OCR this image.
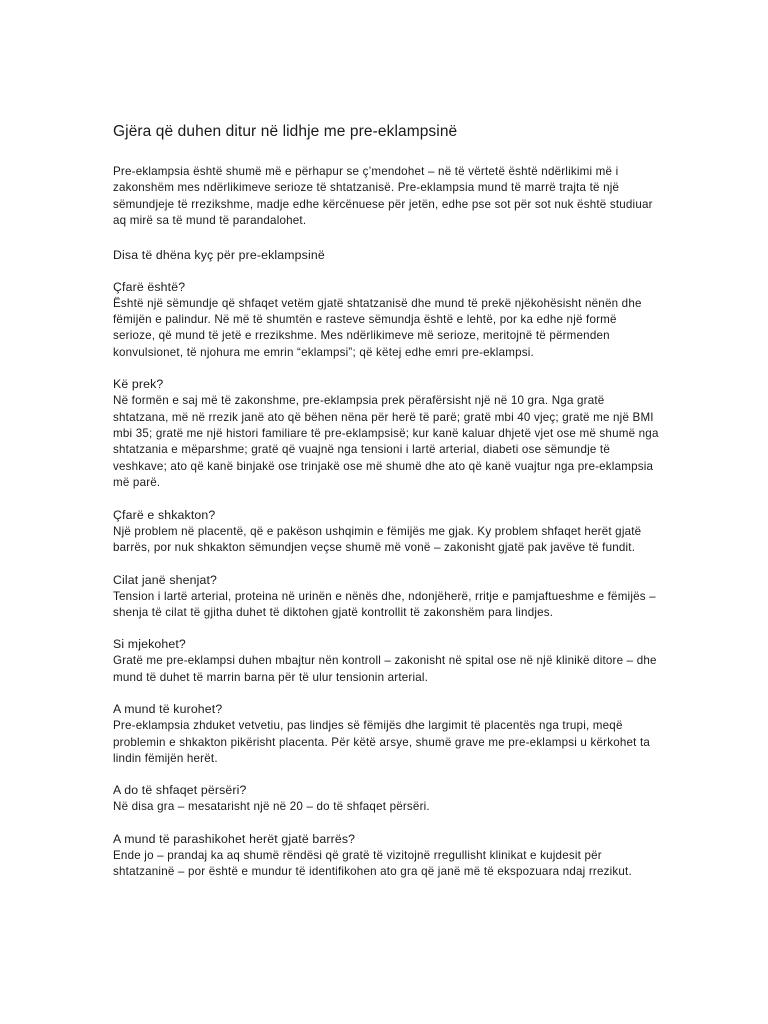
Gjëra që duhen ditur në lidhje me pre-eklampsinë

Pre-eklampsia është shumë më e përhapur se ç’mendohet – në të vërtetë është ndërlikimi më i zakonshëm mes ndërlikimeve serioze të shtatzanisë. Pre-eklampsia mund të marrë trajta të një sëmundjeje të rrezikshme, madje edhe kërcënuese për jetën, edhe pse sot për sot nuk është studiuar aq mirë sa të mund të parandalohet.

Disa të dhëna kyç për pre-eklampsinë

Çfarë është?

Është një sëmundje që shfaqet vetëm gjatë shtatzanisë dhe mund të prekë njëkohësisht nënën dhe fëmijën e palindur. Në më të shumtën e rasteve sëmundja është e lehtë, por ka edhe një formë serioze, që mund të jetë e rrezikshme. Mes ndërlikimeve më serioze, meritojnë të përmenden konvulsionet, të njohura me emrin “eklampsi”; që këtej edhe emri pre-eklampsi.

Kë prek?

Në formën e saj më të zakonshme, pre-eklampsia prek përafërsisht një në 10 gra. Nga gratë shtatzana, më në rrezik janë ato që bëhen nëna për herë të parë; gratë mbi 40 vjeç; gratë me një BMI mbi 35; gratë me një histori familiare të pre-eklampsisë; kur kanë kaluar dhjetë vjet ose më shumë nga shtatzania e mëparshme; gratë që vuajnë nga tensioni i lartë arterial, diabeti ose sëmundje të veshkave; ato që kanë binjakë ose trinjakë ose më shumë dhe ato që kanë vuajtur nga pre-eklampsia më parë.

Çfarë e shkakton?

Një problem në placentë, që e pakëson ushqimin e fëmijës me gjak. Ky problem shfaqet herët gjatë barrës, por nuk shkakton sëmundjen veçse shumë më vonë – zakonisht gjatë pak javëve të fundit.

Cilat janë shenjat?

Tension i lartë arterial, proteina në urinën e nënës dhe, ndonjëherë, rritje e pamjaftueshme e fëmijës – shenja të cilat të gjitha duhet të diktohen gjatë kontrollit të zakonshëm para lindjes.

Si mjekohet?

Gratë me pre-eklampsi duhen mbajtur nën kontroll – zakonisht në spital ose në një klinikë ditore – dhe mund të duhet të marrin barna për të ulur tensionin arterial.

A mund të kurohet?

Pre-eklampsia zhduket vetvetiu, pas lindjes së fëmijës dhe largimit të placentës nga trupi, meqë problemin e shkakton pikërisht placenta. Për këtë arsye, shumë grave me pre-eklampsi u kërkohet ta lindin fëmijën herët.

A do të shfaqet përsëri?

Në disa gra – mesatarisht një në 20 – do të shfaqet përsëri.

A mund të parashikohet herët gjatë barrës?

Ende jo – prandaj ka aq shumë rëndësi që gratë të vizitojnë rregullisht klinikat e kujdesit për shtatzaninë – por është e mundur të identifikohen ato gra që janë më të ekspozuara ndaj rrezikut.
